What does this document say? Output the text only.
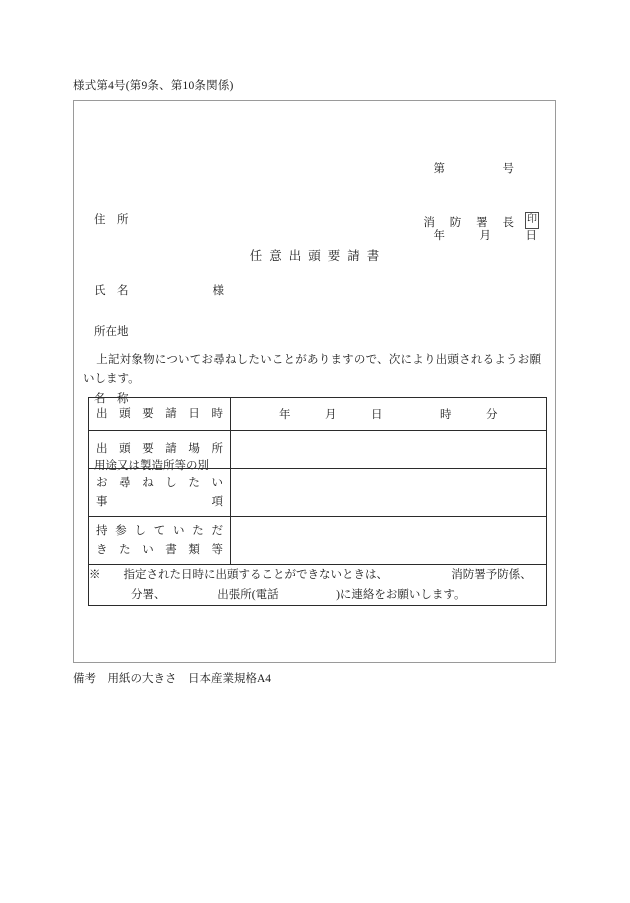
様式第4号(第9条、第10条関係)

第　　　　　号

年　　　月　　　日

住　所

氏　名	様

消 防 署 長 印
任意出頭要請書

所在地

名　称

用途又は製造所等の別

上記対象物についてお尋ねしたいことがありますので、次により出頭されるようお願いします。
出頭要請日時	年　　　月　　　日　　　　　時　　　分

出頭要請場所	

お尋ねしたい
事　　　　項	

持参していただ
きたい書類等	

※　　指定された日時に出頭することができないときは、　　　　　　消防署予防係、
分署、　　　　　出張所(電話　　　　　)に連絡をお願いします。	
備考　用紙の大きさ　日本産業規格A4
